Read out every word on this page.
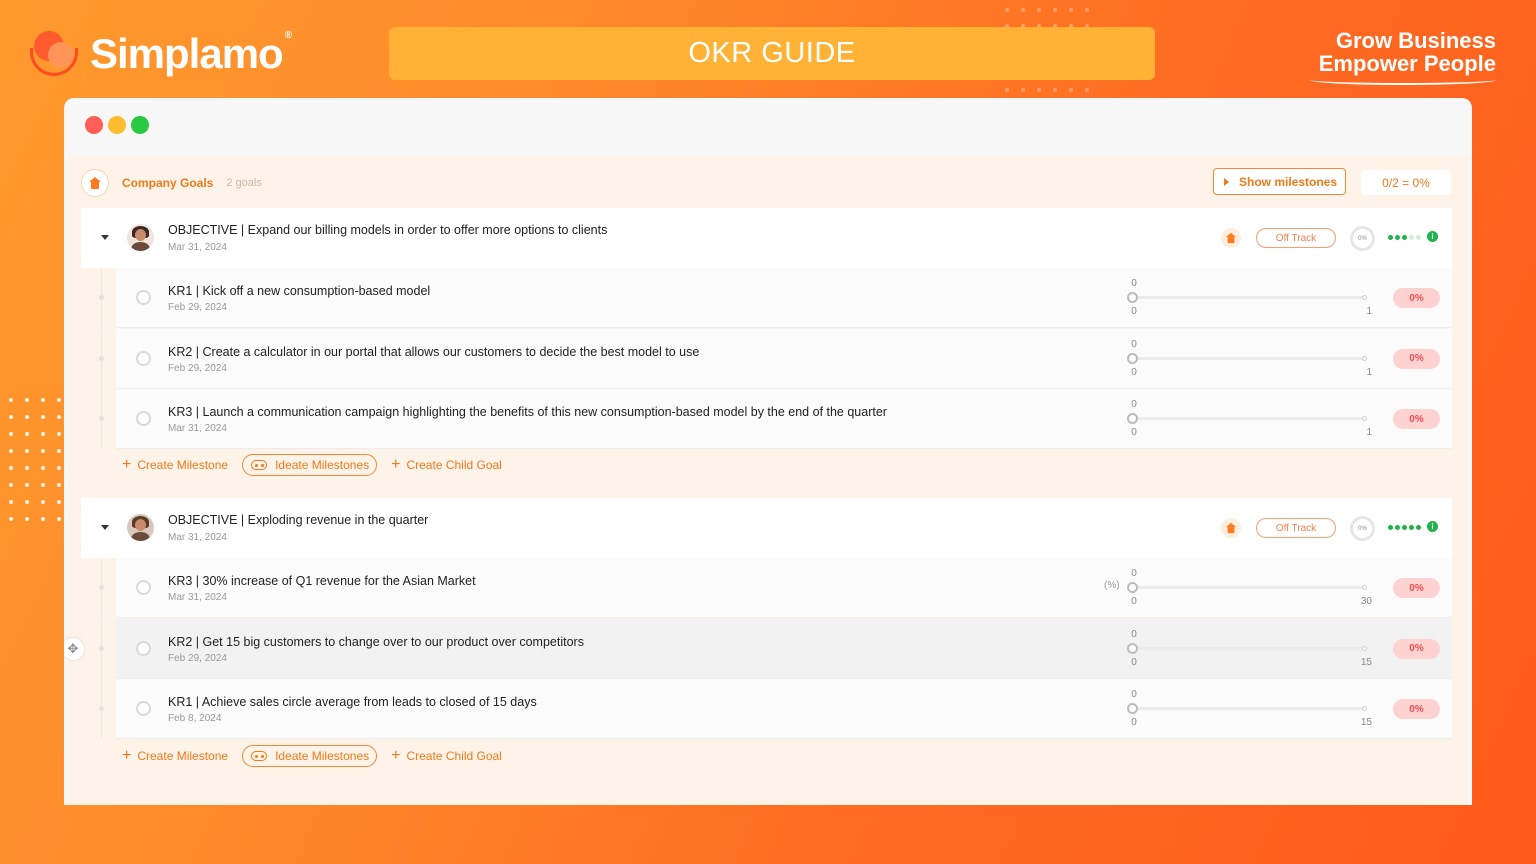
Simplamo ®
OKR GUIDE	Grow Business
Empower People
Company Goals 2 goals	Show milestones	0/2 = 0%
OBJECTIVE | Expand our billing models in order to offer more options to clients
Mar 31, 2024
Off Track	0%	i
KR1 | Kick off a new consumption-based model
Feb 29, 2024
0
0	1
0%
KR2 | Create a calculator in our portal that allows our customers to decide the best model to use
Feb 29, 2024
0
0	1
0%
KR3 | Launch a communication campaign highlighting the benefits of this new consumption-based model by the end of the quarter
Mar 31, 2024
0
0	1
0%
+ Create Milestone	Ideate Milestones + Create Child Goal
OBJECTIVE | Exploding revenue in the quarter
Mar 31, 2024
Off Track	0%	i
KR3 | 30% increase of Q1 revenue for the Asian Market
Mar 31, 2024
(%)
0
0	30
0%
KR2 | Get 15 big customers to change over to our product over competitors
Feb 29, 2024
0
0	15
0%
KR1 | Achieve sales circle average from leads to closed of 15 days
Feb 8, 2024
0
0	15
0%
+ Create Milestone	Ideate Milestones + Create Child Goal
✥
